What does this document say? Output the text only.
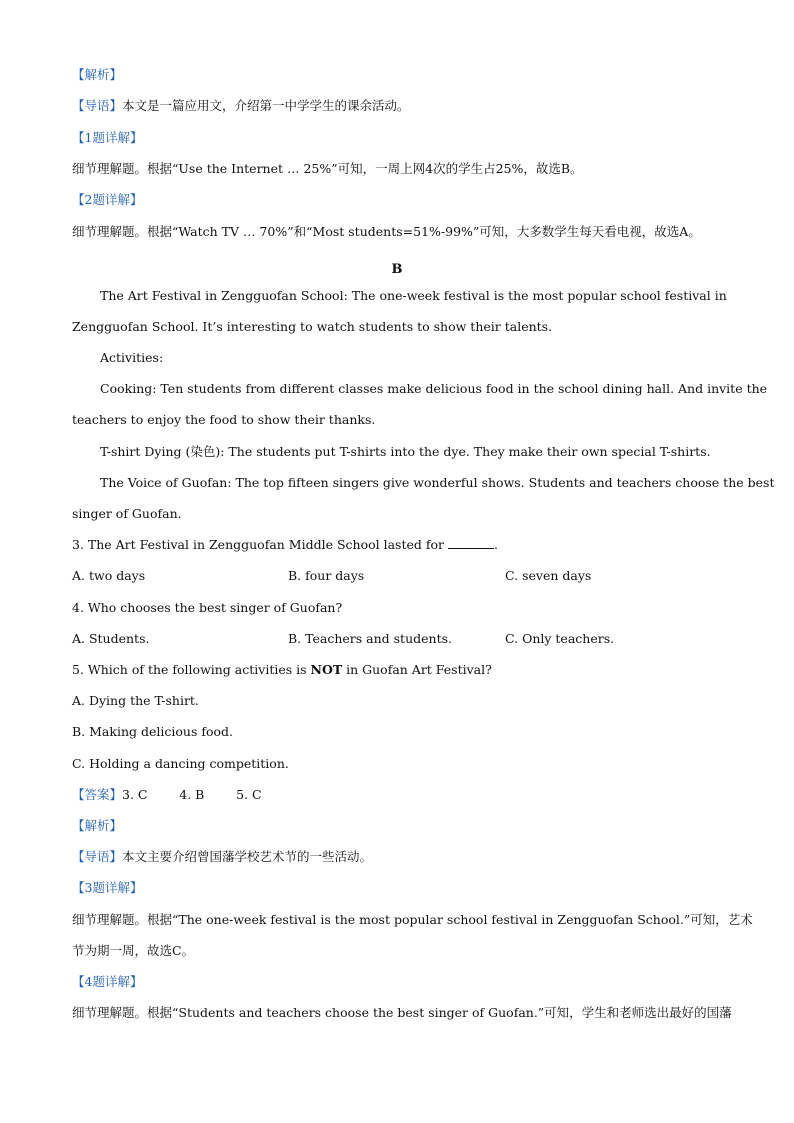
【解析】
【导语】本文是一篇应用文，介绍第一中学学生的课余活动。
【1题详解】
细节理解题。根据“Use the Internet … 25%”可知，一周上网4次的学生占25%，故选B。
【2题详解】
细节理解题。根据“Watch TV … 70%”和“Most students=51%-99%”可知，大多数学生每天看电视，故选A。
B
The Art Festival in Zengguofan School: The one-week festival is the most popular school festival in
Zengguofan School. It’s interesting to watch students to show their talents.
Activities:
Cooking: Ten students from different classes make delicious food in the school dining hall. And invite the
teachers to enjoy the food to show their thanks.
T-shirt Dying (染色): The students put T-shirts into the dye. They make their own special T-shirts.
The Voice of Guofan: The top fifteen singers give wonderful shows. Students and teachers choose the best
singer of Guofan.
3. The Art Festival in Zengguofan Middle School lasted for	.
A. two days	B. four days	C. seven days
4. Who chooses the best singer of Guofan?
A. Students.	B. Teachers and students.	C. Only teachers.
5. Which of the following activities is NOT in Guofan Art Festival?
A. Dying the T-shirt.
B. Making delicious food.
C. Holding a dancing competition.
【答案】3. C        4. B        5. C
【解析】
【导语】本文主要介绍曾国藩学校艺术节的一些活动。
【3题详解】
细节理解题。根据“The one-week festival is the most popular school festival in Zengguofan School.”可知，艺术
节为期一周，故选C。
【4题详解】
细节理解题。根据“Students and teachers choose the best singer of Guofan.”可知，学生和老师选出最好的国藩
